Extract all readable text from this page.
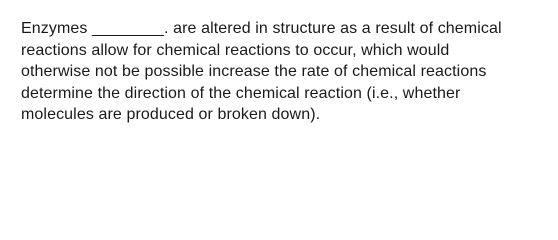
Enzymes ________. are altered in structure as a result of chemical
reactions allow for chemical reactions to occur, which would
otherwise not be possible increase the rate of chemical reactions
determine the direction of the chemical reaction (i.e., whether
molecules are produced or broken down).
